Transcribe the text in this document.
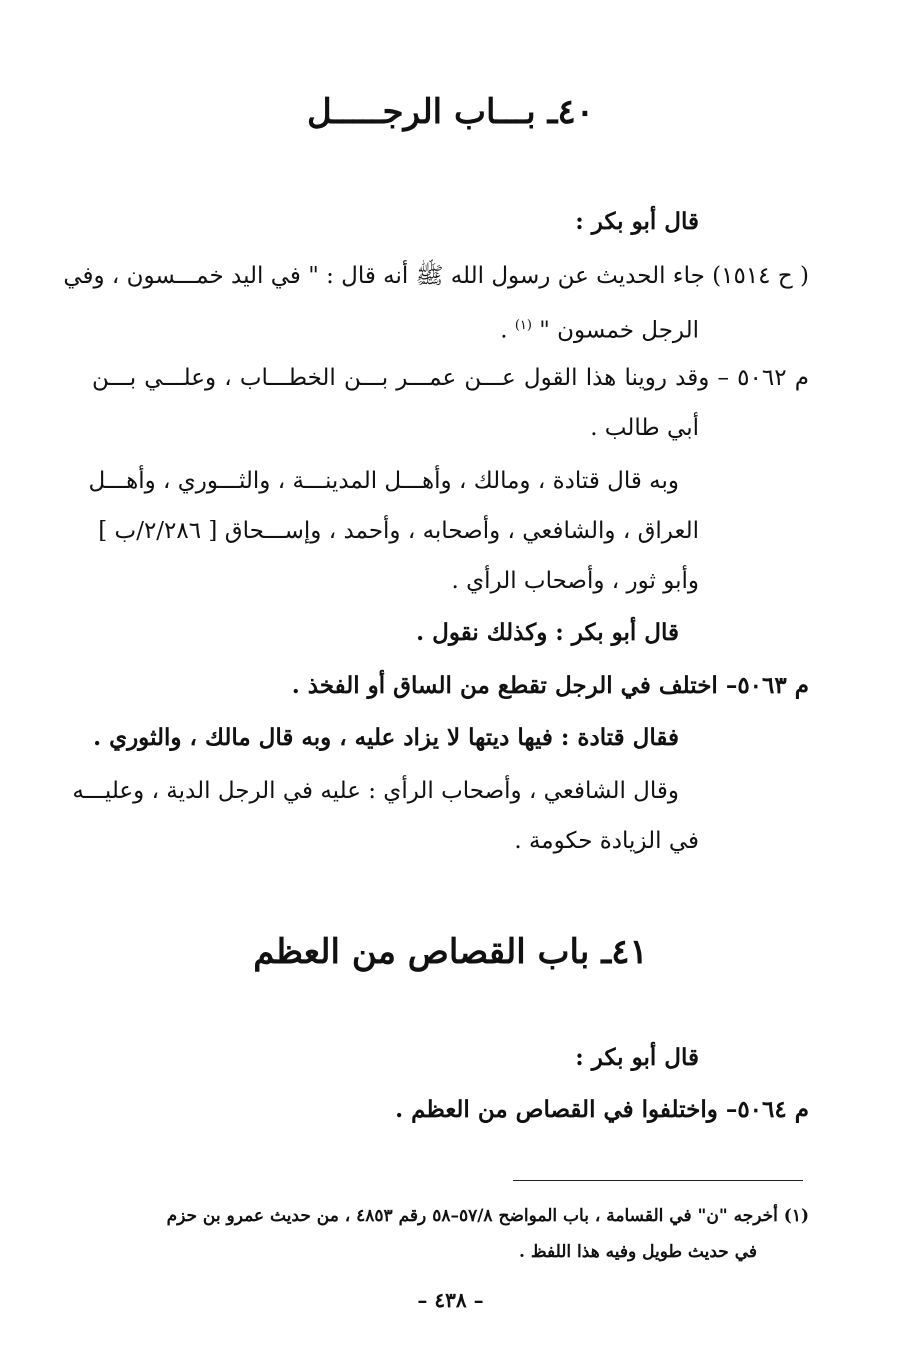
٤٠ـ بـــاب الرجـــــل
قال أبو بكر :
( ح ١٥١٤) جاء الحديث عن رسول الله ﷺ أنه قال : " في اليد خمـــسون ، وفي
الرجل خمسون " $^{(١)}$ .
م ٥٠٦٢ – وقد روينا هذا القول عـــن عمـــر بـــن الخطـــاب ، وعلـــي بـــن
أبي طالب .
وبه قال قتادة ، ومالك ، وأهـــل المدينـــة ، والثـــوري ، وأهـــل
العراق ، والشافعي ، وأصحابه ، وأحمد ، وإســـحاق [ ٢/٢٨٦/ب ]
وأبو ثور ، وأصحاب الرأي .
قال أبو بكر : وكذلك نقول .
م ٥٠٦٣– اختلف في الرجل تقطع من الساق أو الفخذ .
فقال قتادة : فيها ديتها لا يزاد عليه ، وبه قال مالك ، والثوري .
وقال الشافعي ، وأصحاب الرأي : عليه في الرجل الدية ، وعليـــه
في الزيادة حكومة .
٤١ـ باب القصاص من العظم
قال أبو بكر :
م ٥٠٦٤– واختلفوا في القصاص من العظم .
(١) أخرجه "ن" في القسامة ، باب المواضح ٥٧/٨–٥٨ رقم ٤٨٥٣ ، من حديث عمرو بن حزم
في حديث طويل وفيه هذا اللفظ .
– ٤٣٨ –
